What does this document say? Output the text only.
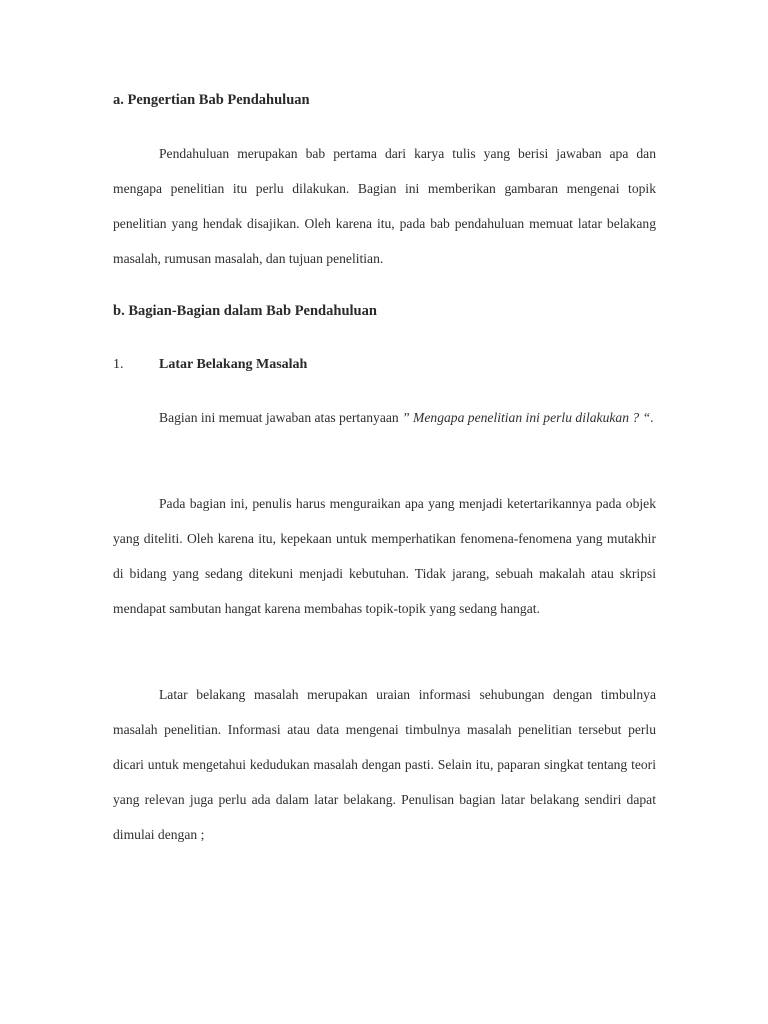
a. Pengertian Bab Pendahuluan

Pendahuluan merupakan bab pertama dari karya tulis yang berisi jawaban apa dan mengapa penelitian itu perlu dilakukan. Bagian ini memberikan gambaran mengenai topik penelitian yang hendak disajikan. Oleh karena itu, pada bab pendahuluan memuat latar belakang masalah, rumusan masalah, dan tujuan penelitian.

b. Bagian-Bagian dalam Bab Pendahuluan
1.	Latar Belakang Masalah

Bagian ini memuat jawaban atas pertanyaan ” Mengapa penelitian ini perlu dilakukan ? “.

Pada bagian ini, penulis harus menguraikan apa yang menjadi ketertarikannya pada objek yang diteliti. Oleh karena itu, kepekaan untuk memperhatikan fenomena-fenomena yang mutakhir di bidang yang sedang ditekuni menjadi kebutuhan. Tidak jarang, sebuah makalah atau skripsi mendapat sambutan hangat karena membahas topik-topik yang sedang hangat.

Latar belakang masalah merupakan uraian informasi sehubungan dengan timbulnya masalah penelitian. Informasi atau data mengenai timbulnya masalah penelitian tersebut perlu dicari untuk mengetahui kedudukan masalah dengan pasti. Selain itu, paparan singkat tentang teori yang relevan juga perlu ada dalam latar belakang. Penulisan bagian latar belakang sendiri dapat dimulai dengan ;
